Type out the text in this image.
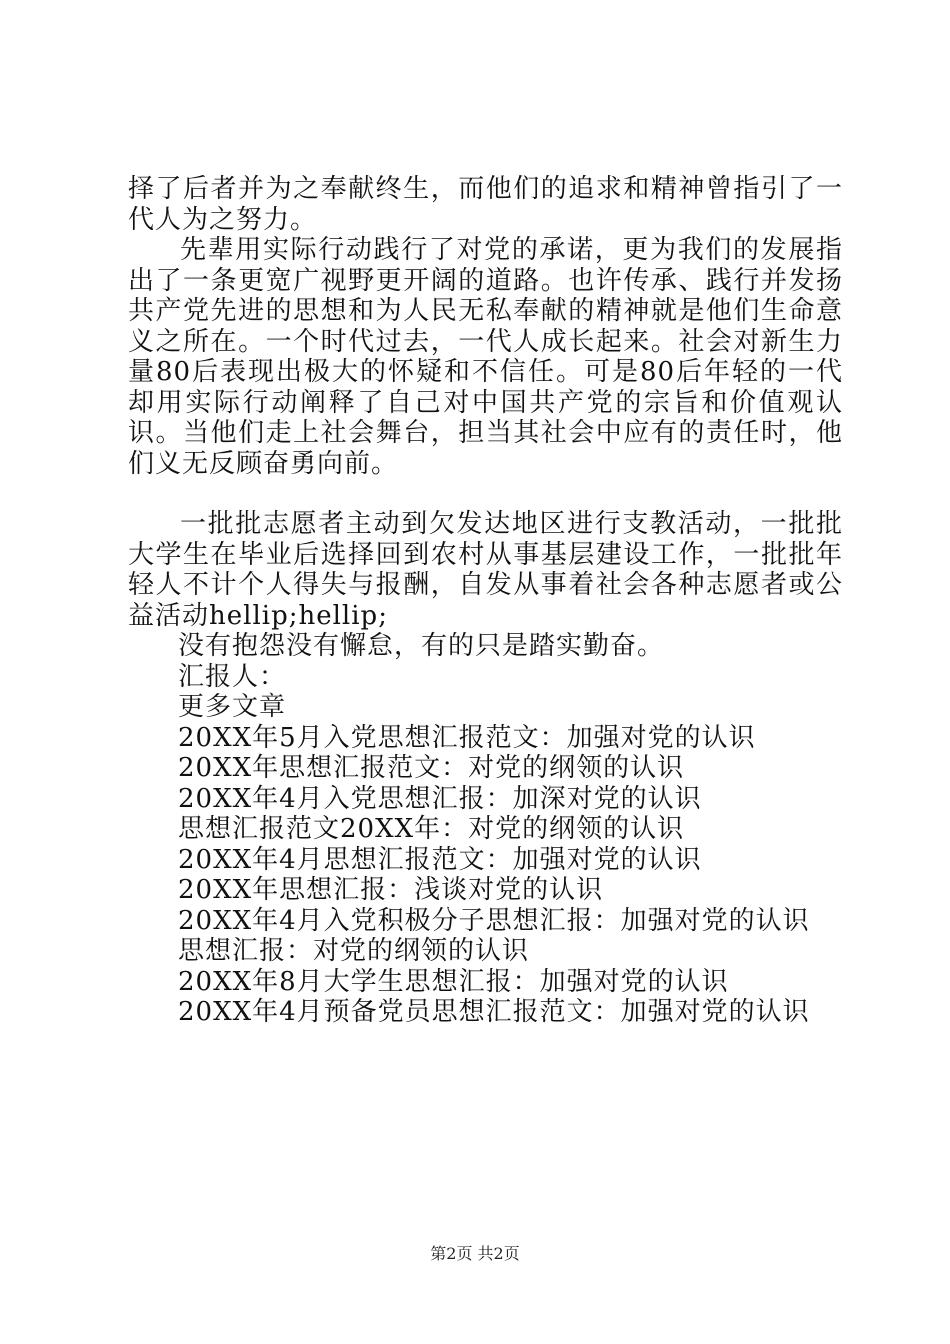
择了后者并为之奉献终生，而他们的追求和精神曾指引了一代人为之努力。

先辈用实际行动践行了对党的承诺，更为我们的发展指出了一条更宽广视野更开阔的道路。也许传承、践行并发扬共产党先进的思想和为人民无私奉献的精神就是他们生命意义之所在。一个时代过去，一代人成长起来。社会对新生力量80后表现出极大的怀疑和不信任。可是80后年轻的一代却用实际行动阐释了自己对中国共产党的宗旨和价值观认识。当他们走上社会舞台，担当其社会中应有的责任时，他们义无反顾奋勇向前。

一批批志愿者主动到欠发达地区进行支教活动，一批批大学生在毕业后选择回到农村从事基层建设工作，一批批年轻人不计个人得失与报酬，自发从事着社会各种志愿者或公益活动hellip;hellip;

没有抱怨没有懈怠，有的只是踏实勤奋。
汇报人：
更多文章
20XX年5月入党思想汇报范文：加强对党的认识
20XX年思想汇报范文：对党的纲领的认识
20XX年4月入党思想汇报：加深对党的认识
思想汇报范文20XX年：对党的纲领的认识
20XX年4月思想汇报范文：加强对党的认识
20XX年思想汇报：浅谈对党的认识
20XX年4月入党积极分子思想汇报：加强对党的认识
思想汇报：对党的纲领的认识
20XX年8月大学生思想汇报：加强对党的认识
20XX年4月预备党员思想汇报范文：加强对党的认识
第2页 共2页
